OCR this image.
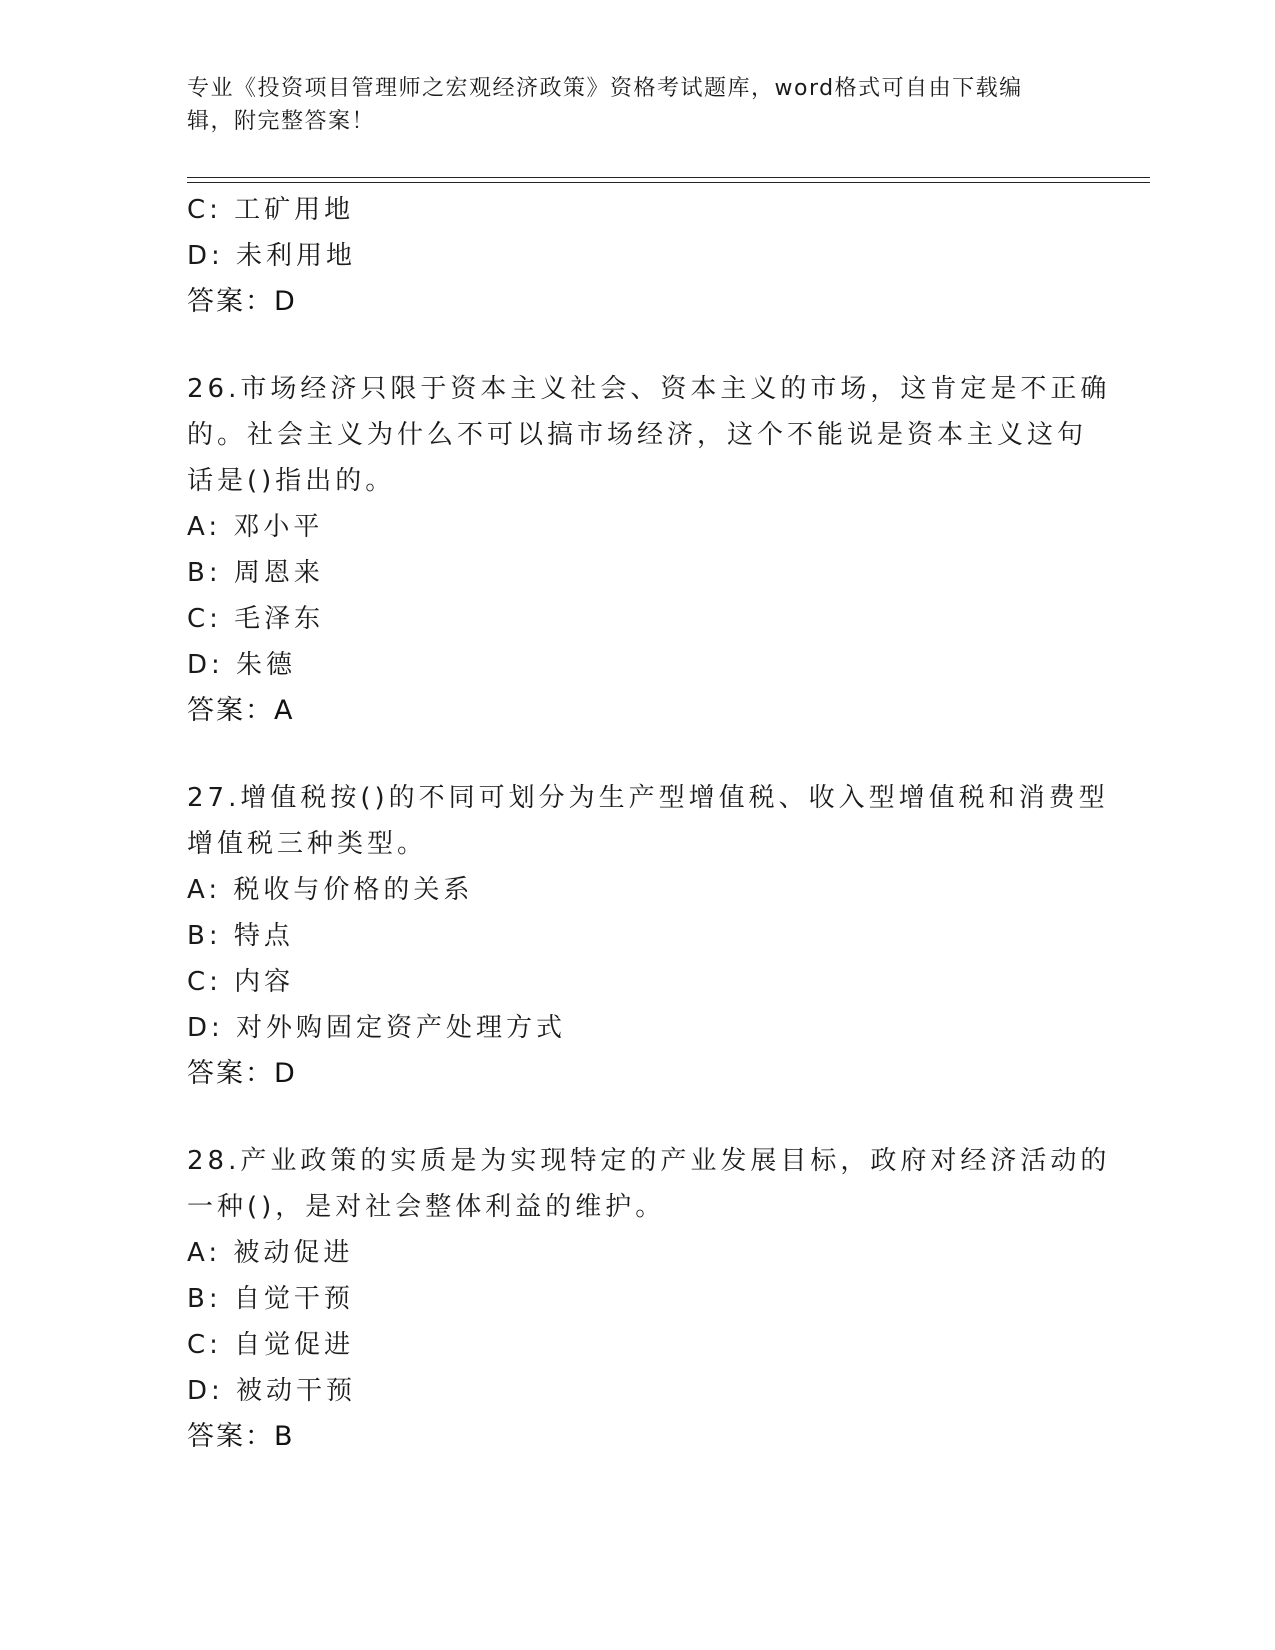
专业《投资项目管理师之宏观经济政策》资格考试题库，word格式可自由下载编辑，附完整答案！
C: 工矿用地
D: 未利用地
答案：D
26.市场经济只限于资本主义社会、资本主义的市场，这肯定是不正确
的。社会主义为什么不可以搞市场经济，这个不能说是资本主义这句
话是()指出的。
A: 邓小平
B: 周恩来
C: 毛泽东
D: 朱德
答案：A
27.增值税按()的不同可划分为生产型增值税、收入型增值税和消费型
增值税三种类型。
A: 税收与价格的关系
B: 特点
C: 内容
D: 对外购固定资产处理方式
答案：D
28.产业政策的实质是为实现特定的产业发展目标，政府对经济活动的
一种()，是对社会整体利益的维护。
A: 被动促进
B: 自觉干预
C: 自觉促进
D: 被动干预
答案：B
